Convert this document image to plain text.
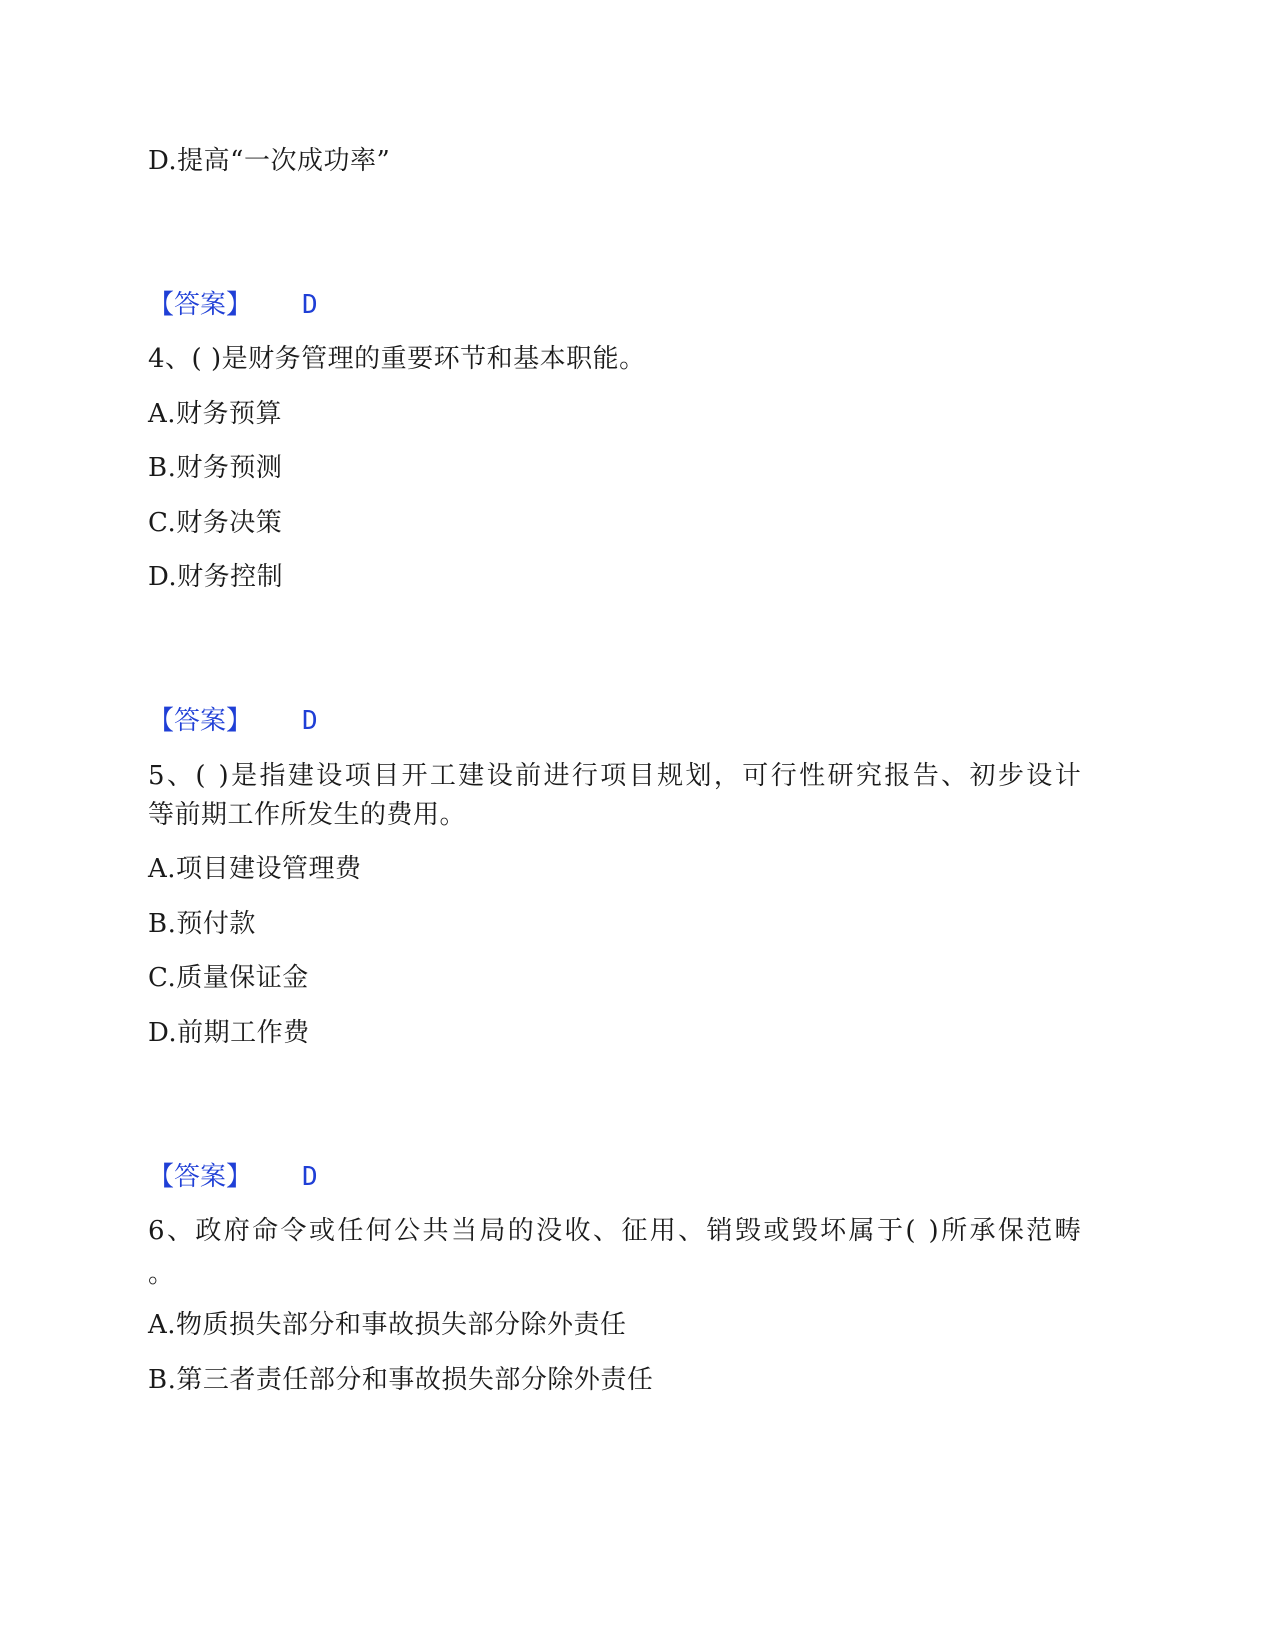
D.提高“一次成功率”
【答案】 D
4、( )是财务管理的重要环节和基本职能。
A.财务预算
B.财务预测
C.财务决策
D.财务控制
【答案】 D
5、( )是指建设项目开工建设前进行项目规划，可行性研究报告、初步设计
等前期工作所发生的费用。
A.项目建设管理费
B.预付款
C.质量保证金
D.前期工作费
【答案】 D
6、政府命令或任何公共当局的没收、征用、销毁或毁坏属于( )所承保范畴
。
A.物质损失部分和事故损失部分除外责任
B.第三者责任部分和事故损失部分除外责任
